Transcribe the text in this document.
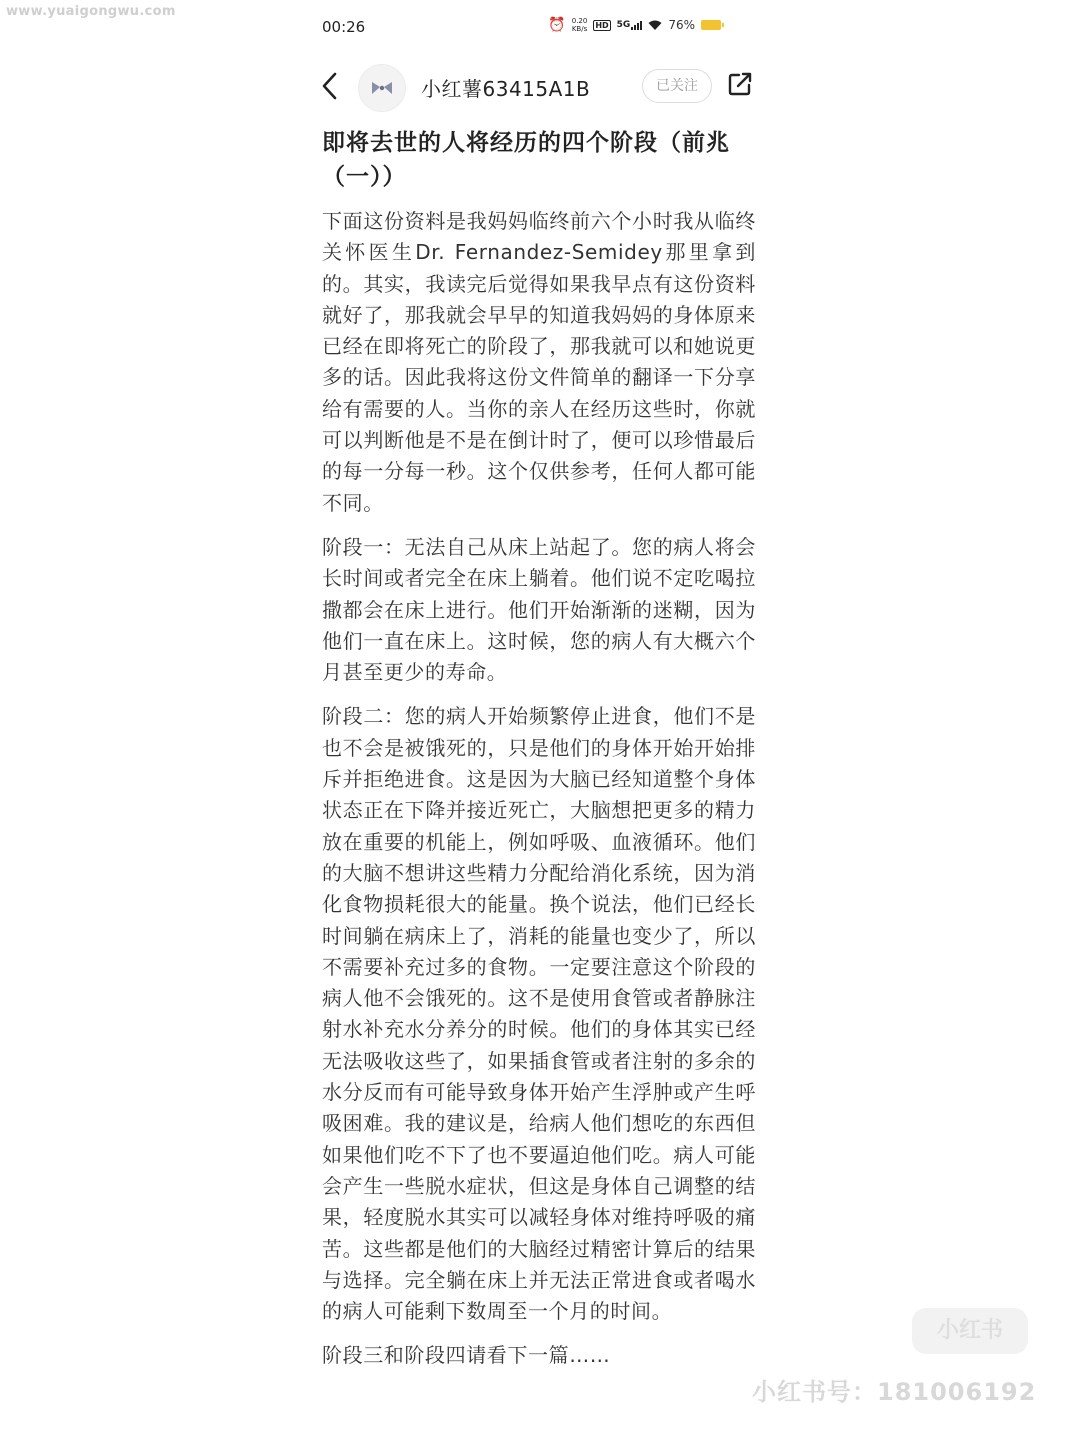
www.yuaigongwu.com
00:26	⏰ 0.20
KB/s HD 5G	76%
小红薯63415A1B	已关注
即将去世的人将经历的四个阶段（前兆（一））

下面这份资料是我妈妈临终前六个小时我从临终关怀医生Dr. Fernandez-Semidey那里拿到的。其实，我读完后觉得如果我早点有这份资料就好了，那我就会早早的知道我妈妈的身体原来已经在即将死亡的阶段了，那我就可以和她说更多的话。因此我将这份文件简单的翻译一下分享给有需要的人。当你的亲人在经历这些时，你就可以判断他是不是在倒计时了，便可以珍惜最后的每一分每一秒。这个仅供参考，任何人都可能不同。

阶段一：无法自己从床上站起了。您的病人将会长时间或者完全在床上躺着。他们说不定吃喝拉撒都会在床上进行。他们开始渐渐的迷糊，因为他们一直在床上。这时候，您的病人有大概六个月甚至更少的寿命。

阶段二：您的病人开始频繁停止进食，他们不是也不会是被饿死的，只是他们的身体开始开始排斥并拒绝进食。这是因为大脑已经知道整个身体状态正在下降并接近死亡，大脑想把更多的精力放在重要的机能上，例如呼吸、血液循环。他们的大脑不想讲这些精力分配给消化系统，因为消化食物损耗很大的能量。换个说法，他们已经长时间躺在病床上了，消耗的能量也变少了，所以不需要补充过多的食物。一定要注意这个阶段的病人他不会饿死的。这不是使用食管或者静脉注射水补充水分养分的时候。他们的身体其实已经无法吸收这些了，如果插食管或者注射的多余的水分反而有可能导致身体开始产生浮肿或产生呼吸困难。我的建议是，给病人他们想吃的东西但如果他们吃不下了也不要逼迫他们吃。病人可能会产生一些脱水症状，但这是身体自己调整的结果，轻度脱水其实可以减轻身体对维持呼吸的痛苦。这些都是他们的大脑经过精密计算后的结果与选择。完全躺在床上并无法正常进食或者喝水的病人可能剩下数周至一个月的时间。

阶段三和阶段四请看下一篇……

小红书
小红书号：181006192
